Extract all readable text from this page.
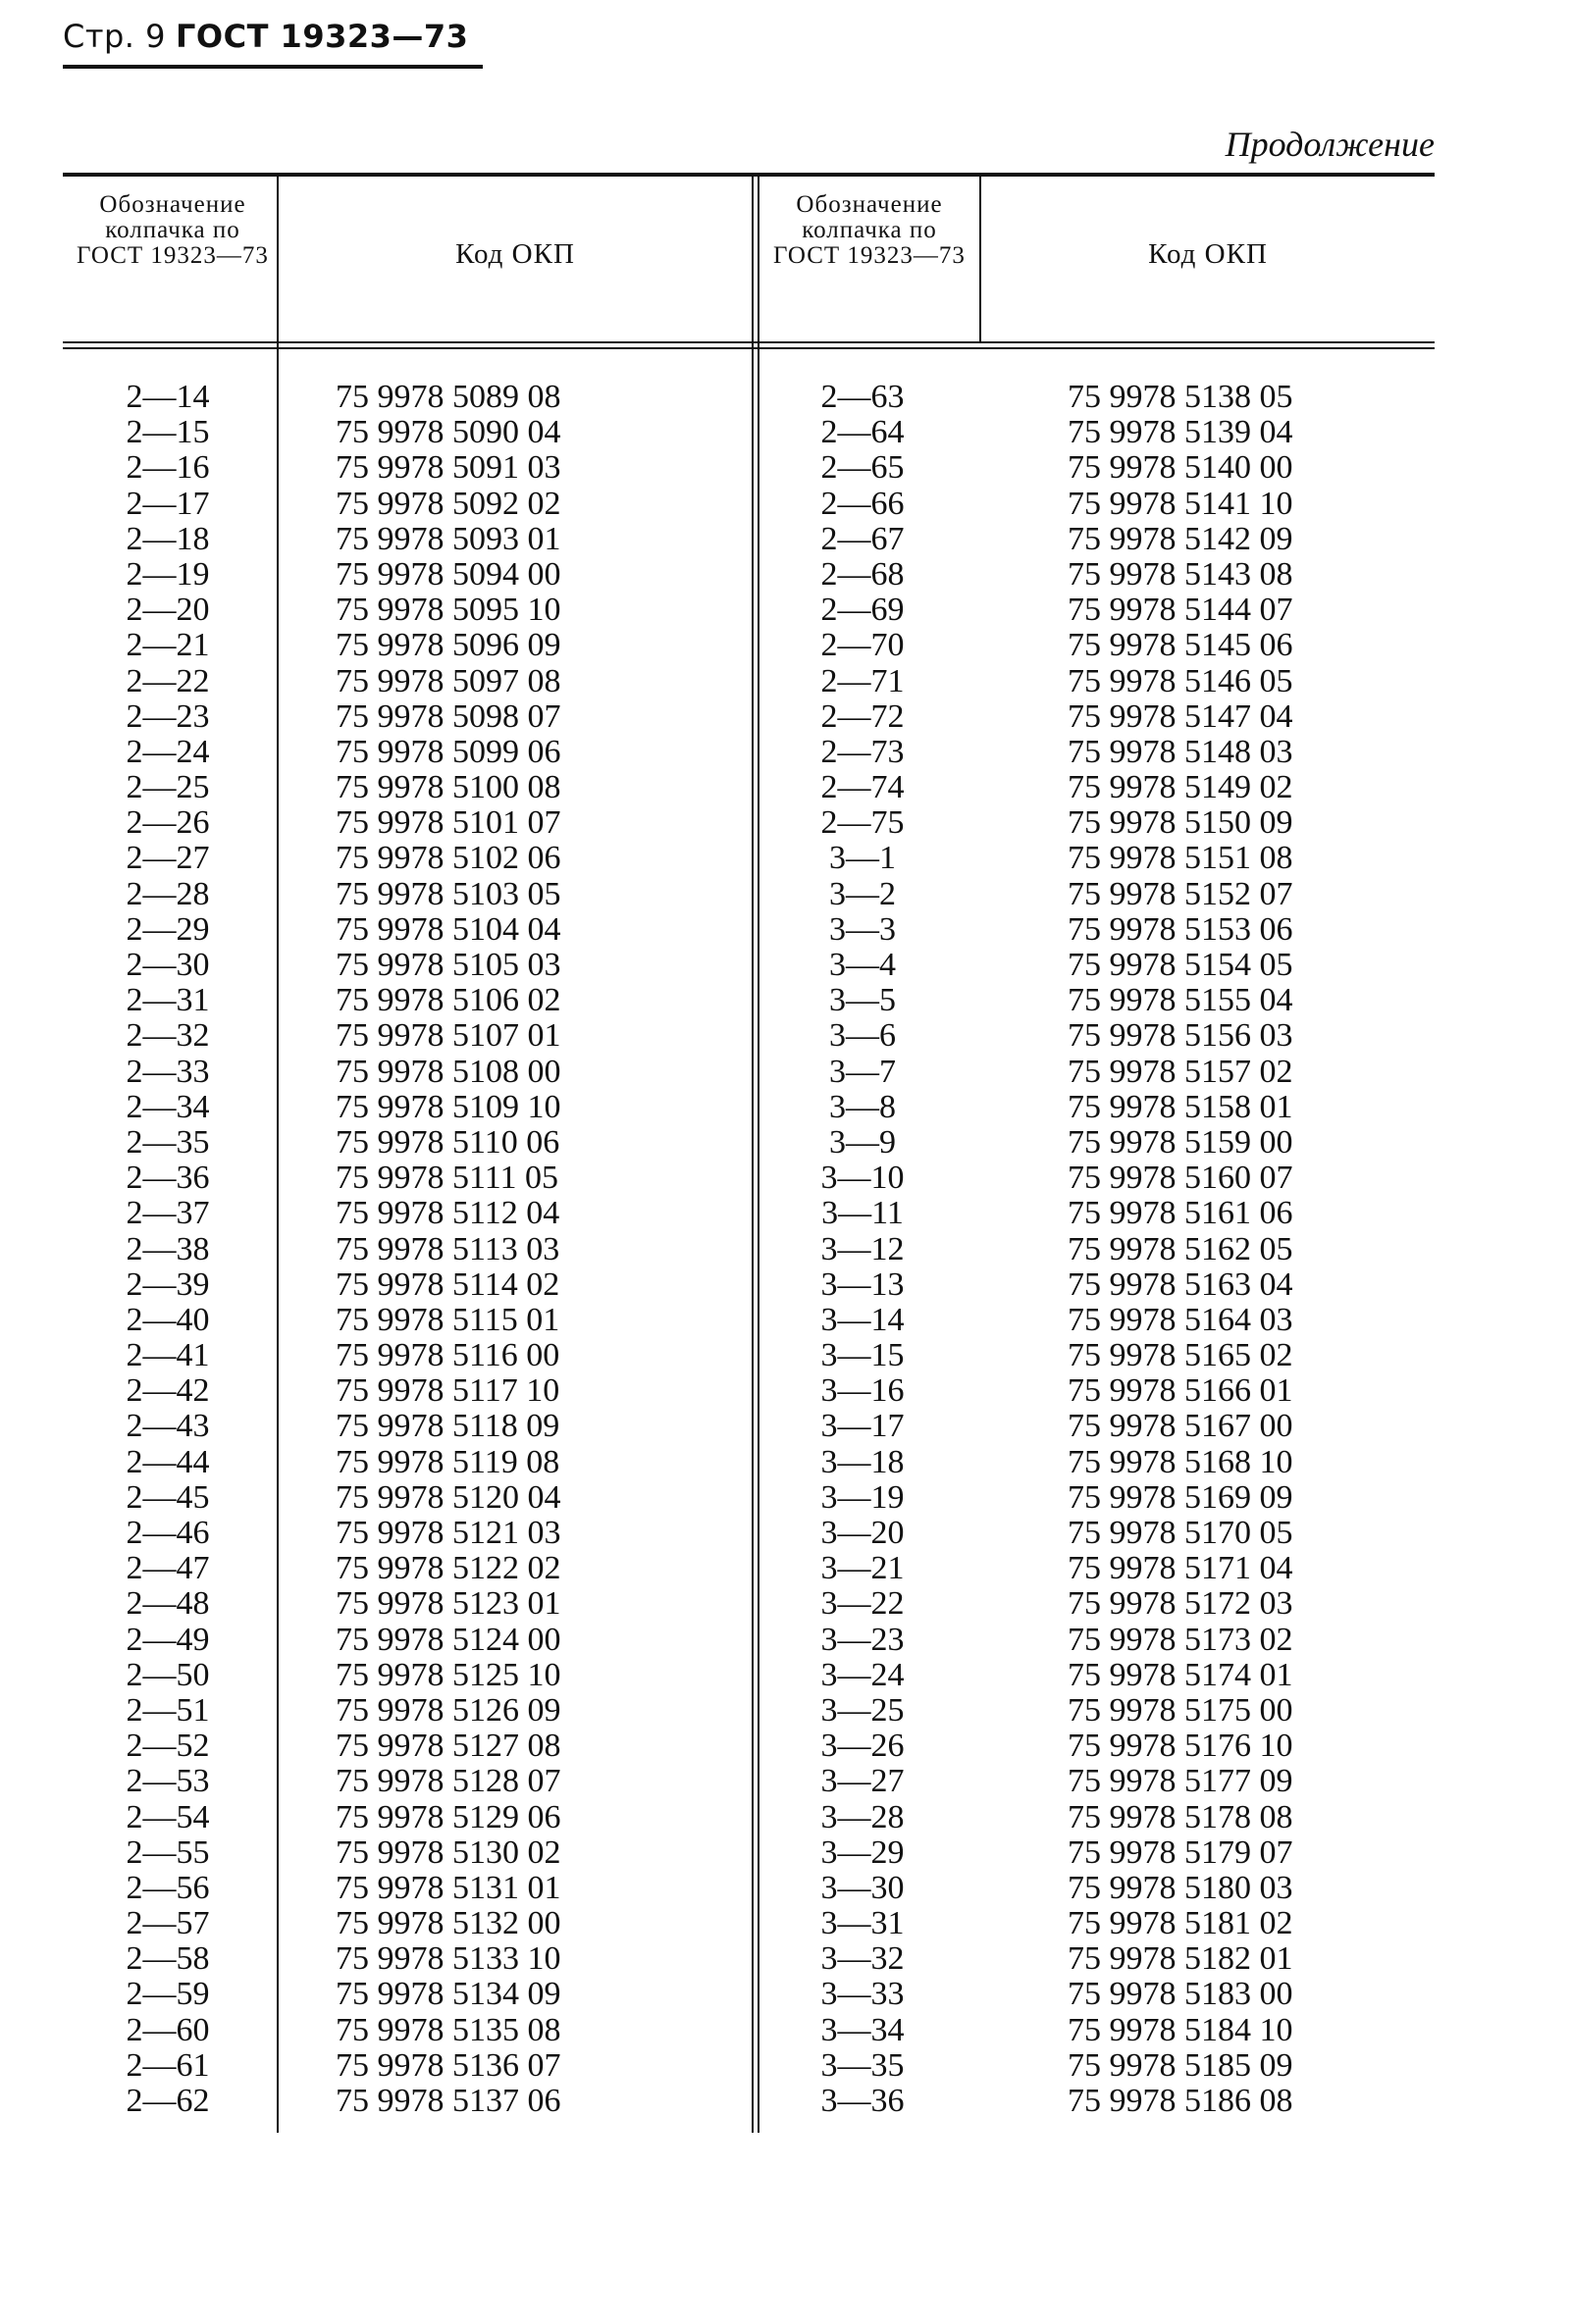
Стр. 9 ГОСТ 19323—73
Продолжение
Обозначение колпачка по ГОСТ 19323—73	Код ОКП
Обозначение колпачка по ГОСТ 19323—73	Код ОКП
2—14
2—15
2—16
2—17
2—18
2—19
2—20
2—21
2—22
2—23
2—24
2—25
2—26
2—27
2—28
2—29
2—30
2—31
2—32
2—33
2—34
2—35
2—36
2—37
2—38
2—39
2—40
2—41
2—42
2—43
2—44
2—45
2—46
2—47
2—48
2—49
2—50
2—51
2—52
2—53
2—54
2—55
2—56
2—57
2—58
2—59
2—60
2—61
2—62
75 9978 5089 08
75 9978 5090 04
75 9978 5091 03
75 9978 5092 02
75 9978 5093 01
75 9978 5094 00
75 9978 5095 10
75 9978 5096 09
75 9978 5097 08
75 9978 5098 07
75 9978 5099 06
75 9978 5100 08
75 9978 5101 07
75 9978 5102 06
75 9978 5103 05
75 9978 5104 04
75 9978 5105 03
75 9978 5106 02
75 9978 5107 01
75 9978 5108 00
75 9978 5109 10
75 9978 5110 06
75 9978 5111 05
75 9978 5112 04
75 9978 5113 03
75 9978 5114 02
75 9978 5115 01
75 9978 5116 00
75 9978 5117 10
75 9978 5118 09
75 9978 5119 08
75 9978 5120 04
75 9978 5121 03
75 9978 5122 02
75 9978 5123 01
75 9978 5124 00
75 9978 5125 10
75 9978 5126 09
75 9978 5127 08
75 9978 5128 07
75 9978 5129 06
75 9978 5130 02
75 9978 5131 01
75 9978 5132 00
75 9978 5133 10
75 9978 5134 09
75 9978 5135 08
75 9978 5136 07
75 9978 5137 06
2—63
2—64
2—65
2—66
2—67
2—68
2—69
2—70
2—71
2—72
2—73
2—74
2—75
3—1
3—2
3—3
3—4
3—5
3—6
3—7
3—8
3—9
3—10
3—11
3—12
3—13
3—14
3—15
3—16
3—17
3—18
3—19
3—20
3—21
3—22
3—23
3—24
3—25
3—26
3—27
3—28
3—29
3—30
3—31
3—32
3—33
3—34
3—35
3—36
75 9978 5138 05
75 9978 5139 04
75 9978 5140 00
75 9978 5141 10
75 9978 5142 09
75 9978 5143 08
75 9978 5144 07
75 9978 5145 06
75 9978 5146 05
75 9978 5147 04
75 9978 5148 03
75 9978 5149 02
75 9978 5150 09
75 9978 5151 08
75 9978 5152 07
75 9978 5153 06
75 9978 5154 05
75 9978 5155 04
75 9978 5156 03
75 9978 5157 02
75 9978 5158 01
75 9978 5159 00
75 9978 5160 07
75 9978 5161 06
75 9978 5162 05
75 9978 5163 04
75 9978 5164 03
75 9978 5165 02
75 9978 5166 01
75 9978 5167 00
75 9978 5168 10
75 9978 5169 09
75 9978 5170 05
75 9978 5171 04
75 9978 5172 03
75 9978 5173 02
75 9978 5174 01
75 9978 5175 00
75 9978 5176 10
75 9978 5177 09
75 9978 5178 08
75 9978 5179 07
75 9978 5180 03
75 9978 5181 02
75 9978 5182 01
75 9978 5183 00
75 9978 5184 10
75 9978 5185 09
75 9978 5186 08
